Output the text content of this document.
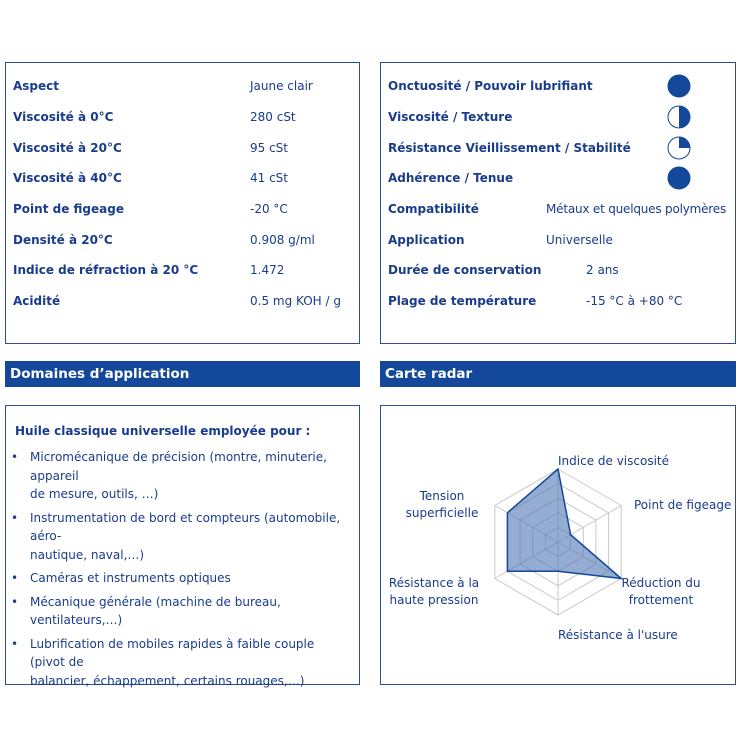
Aspect	Jaune clair
Viscosité à 0°C	280 cSt
Viscosité à 20°C	95 cSt
Viscosité à 40°C	41 cSt
Point de figeage	-20 °C
Densité à 20°C	0.908 g/ml
Indice de réfraction à 20 °C	1.472
Acidité	0.5 mg KOH / g
Onctuosité / Pouvoir lubrifiant
Viscosité / Texture
Résistance Vieillissement / Stabilité
Adhérence / Tenue
Compatibilité	Métaux et quelques polymères
Application	Universelle
Durée de conservation	2 ans
Plage de température	-15 °C à +80 °C
Domaines d’application	Carte radar
Huile classique universelle employée pour :
• Micromécanique de précision (montre, minuterie, appareil
de mesure, outils, …)
• Instrumentation de bord et compteurs (automobile, aéro-
nautique, naval,…)
• Caméras et instruments optiques
• Mécanique générale (machine de bureau, ventilateurs,…)
• Lubrification de mobiles rapides à faible couple (pivot de
balancier, échappement, certains rouages,…)
Indice de viscosité
Point de figeage
Réduction du
frottement
Résistance à l'usure
Résistance à la
haute pression
Tension
superficielle
